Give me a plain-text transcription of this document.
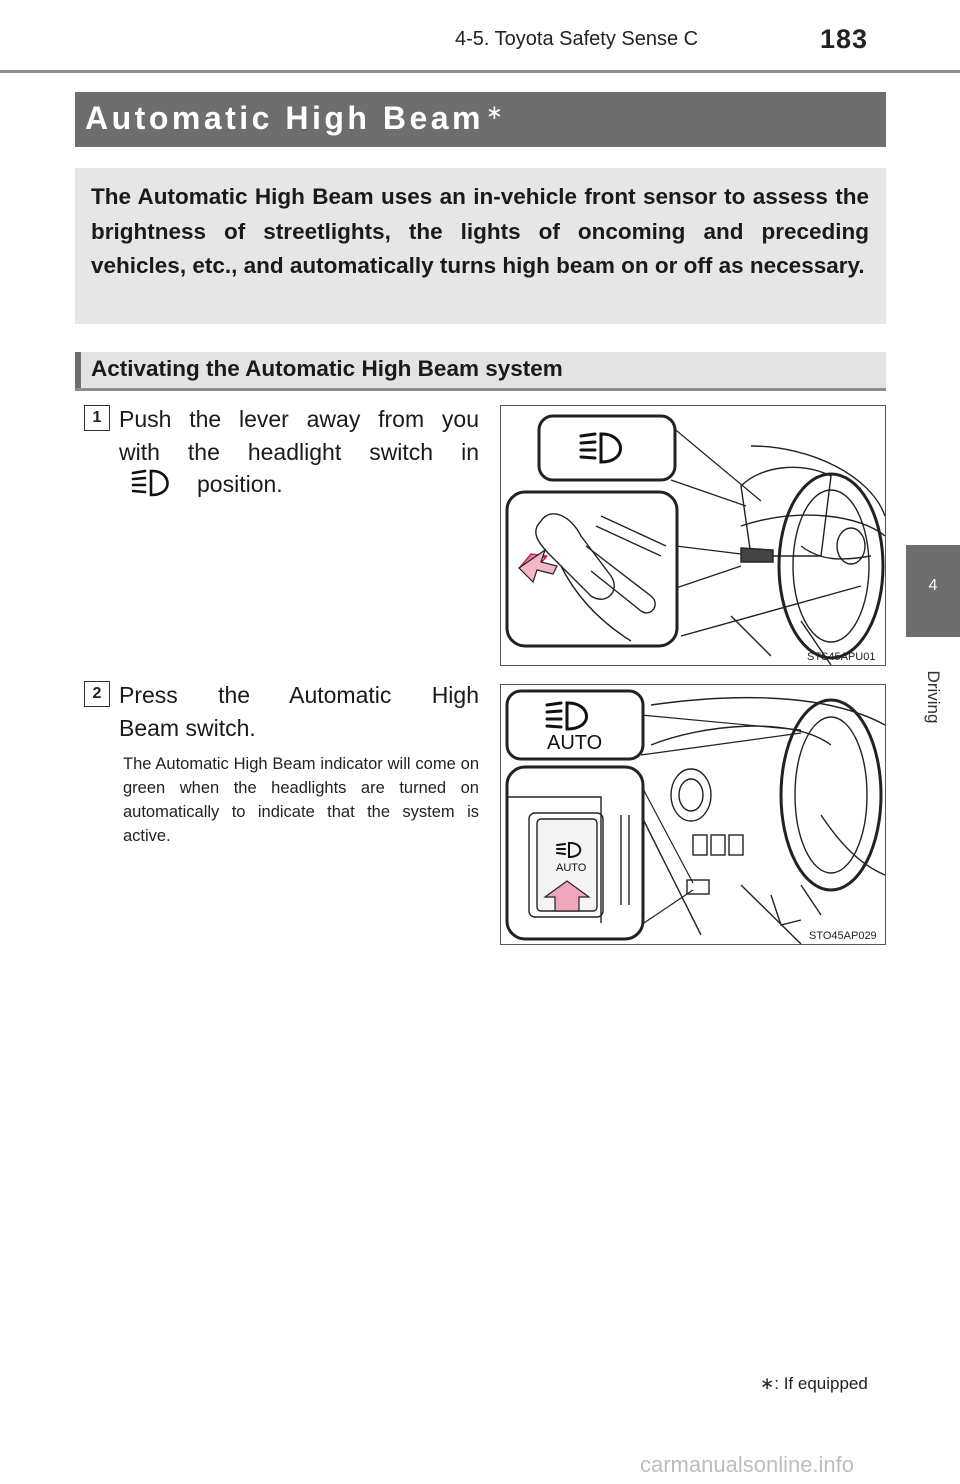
4-5. Toyota Safety Sense C	183
4
Driving
Automatic High Beam ∗
The Automatic High Beam uses an in-vehicle front sensor to assess the brightness of streetlights, the lights of oncoming and preceding vehicles, etc., and automatically turns high beam on or off as necessary.
Activating the Automatic High Beam system
1 Push the lever away from you
with the headlight switch in
position.
STS45APU01
2 Press the Automatic High
Beam switch.
The Automatic High Beam indicator will come on green when the headlights are turned on automatically to indicate that the system is active.
AUTO
AUTO
STO45AP029
∗: If equipped
carmanualsonline.info
